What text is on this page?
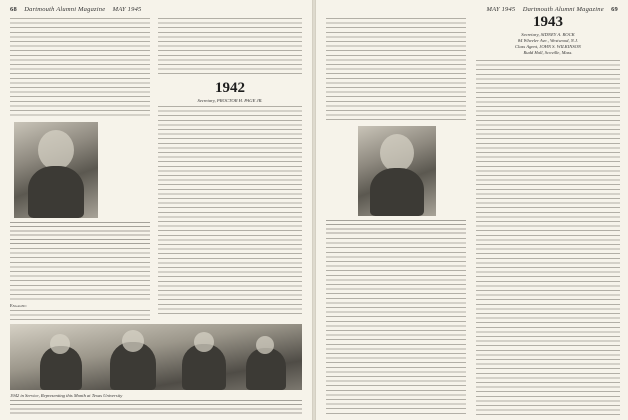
68 Dartmouth Alumni Magazine MAY 1945
Engaged:
1942
Secretary, PROCTOR H. PAGE JR.
1942 in Service, Representing this Month at Texas University
MAY 1945 Dartmouth Alumni Magazine 69
1943
Secretary, SIDNEY A. ROCK
84 Wheeler Ave., Westwood, N.J.
Class Agent, JOHN S. WILKINSON
Rudd Hall, Scoville, Mass.
